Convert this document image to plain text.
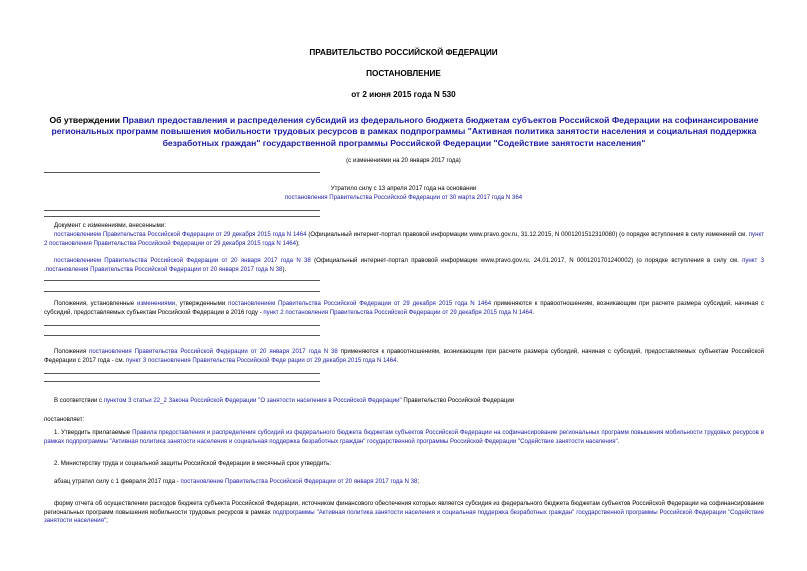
ПРАВИТЕЛЬСТВО РОССИЙСКОЙ ФЕДЕРАЦИИ
ПОСТАНОВЛЕНИЕ
от 2 июня 2015 года N 530
Об утверждении Правил предоставления и распределения субсидий из федерального бюджета бюджетам субъектов Российской Федерации на софинансирование региональных программ повышения мобильности трудовых ресурсов в рамках подпрограммы "Активная политика занятости населения и социальная поддержка безработных граждан" государственной программы Российской Федерации "Содействие занятости населения"
(с изменениями на 20 января 2017 года)
Утратило силу с 13 апреля 2017 года на основании
постановления Правительства Российской Федерации от 30 марта 2017 года N 364
Документ с изменениями, внесенными:
постановлением Правительства Российской Федерации от 29 декабря 2015 года N 1464 (Официальный интернет-портал правовой информации www.pravo.gov.ru, 31.12.2015, N 0001201512310080) (о порядке вступления в силу изменений см. пункт 2 постановления Правительства Российской Федерации от 29 декабря 2015 года N 1464);
постановлением Правительства Российской Федерации от 20 января 2017 года N 38 (Официальный интернет-портал правовой информации www.pravo.gov.ru, 24.01.2017, N 0001201701240002) (о порядке вступления в силу см. пункт 3 .постановления Правительства Российской Федерации от 20 января 2017 года N 38).
Положения, установленные изменениями, утвержденными постановлением Правительства Российской Федерации от 29 декабря 2015 года N 1464 применяются к правоотношениям, возникающим при расчете размера субсидий, начиная с субсидий, предоставляемых субъектам Российской Федерации в 2016 году - пункт 2 постановления Правительства Российской Федерации от 29 декабря 2015 года N 1464.
Положения постановления Правительства Российской Федерации от 20 января 2017 года N 38 применяются к правоотношениям, возникающим при расчете размера субсидий, начиная с субсидий, предоставляемых субъектам Российской Федерации с 2017 года - см. пункт 3 постановления Правительства Российской Феде рации от 29 декабря 2015 года N 1464.
В соответствии с пунктом 3 статьи 22_2 Закона Российской Федерации "О занятости населения в Российской Федерации" Правительство Российской Федерации
постановляет:
1. Утвердить прилагаемые Правила предоставления и распределения субсидий из федерального бюджета бюджетам субъектов Российской Федерации на софинансирование региональных программ повышения мобильности трудовых ресурсов в рамках подпрограммы "Активная политика занятости населения и социальная поддержка безработных граждан" государственной программы Российской Федерации "Содействие занятости населения".
2. Министерству труда и социальной защиты Российской Федерации в месячный срок утвердить:
абзац утратил силу с 1 февраля 2017 года - постановление Правительства Российской Федерации от 20 января 2017 года N 38;
форму отчета об осуществлении расходов бюджета субъекта Российской Федерации, источником финансового обеспечения которых является субсидия из федерального бюджета бюджетам субъектов Российской Федерации на софинансирование региональных программ повышения мобильности трудовых ресурсов в рамках подпрограммы "Активная политика занятости населения и социальная поддержка безработных граждан" государственной программы Российской Федерации "Содействие занятости населения";
